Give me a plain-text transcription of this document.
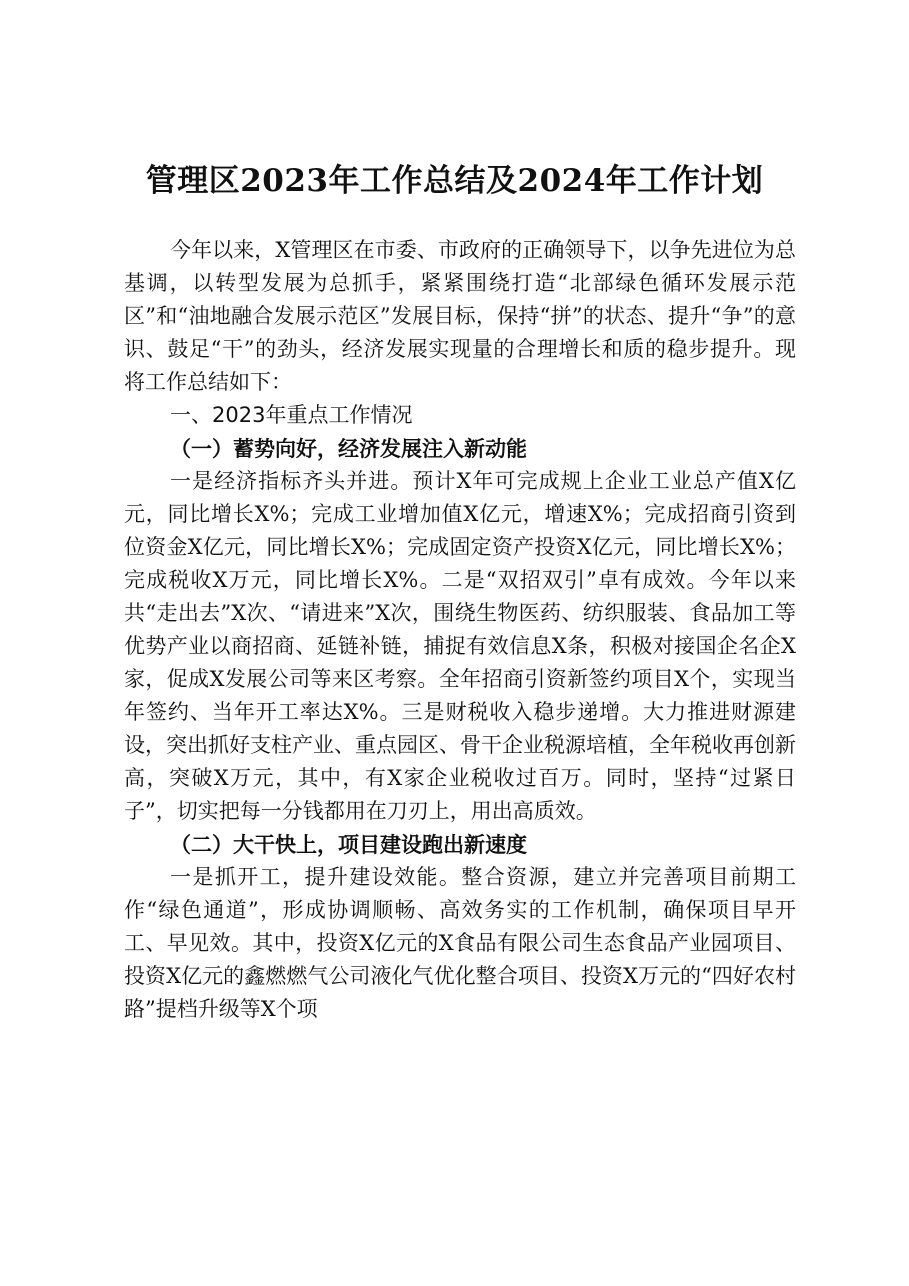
管理区2023年工作总结及2024年工作计划

今年以来，X管理区在市委、市政府的正确领导下，以争先进位为总基调，以转型发展为总抓手，紧紧围绕打造“北部绿色循环发展示范区”和“油地融合发展示范区”发展目标，保持“拼”的状态、提升“争”的意识、鼓足“干”的劲头，经济发展实现量的合理增长和质的稳步提升。现将工作总结如下：

一、2023年重点工作情况

（一）蓄势向好，经济发展注入新动能

一是经济指标齐头并进。预计X年可完成规上企业工业总产值X亿元，同比增长X%；完成工业增加值X亿元，增速X%；完成招商引资到位资金X亿元，同比增长X%；完成固定资产投资X亿元，同比增长X%；完成税收X万元，同比增长X%。二是“双招双引”卓有成效。今年以来共“走出去”X次、“请进来”X次，围绕生物医药、纺织服装、食品加工等优势产业以商招商、延链补链，捕捉有效信息X条，积极对接国企名企X家，促成X发展公司等来区考察。全年招商引资新签约项目X个，实现当年签约、当年开工率达X%。三是财税收入稳步递增。大力推进财源建设，突出抓好支柱产业、重点园区、骨干企业税源培植，全年税收再创新高，突破X万元，其中，有X家企业税收过百万。同时，坚持“过紧日子”，切实把每一分钱都用在刀刃上，用出高质效。

（二）大干快上，项目建设跑出新速度

一是抓开工，提升建设效能。整合资源，建立并完善项目前期工作“绿色通道”，形成协调顺畅、高效务实的工作机制，确保项目早开工、早见效。其中，投资X亿元的X食品有限公司生态食品产业园项目、投资X亿元的鑫燃燃气公司液化气优化整合项目、投资X万元的“四好农村路”提档升级等X个项
